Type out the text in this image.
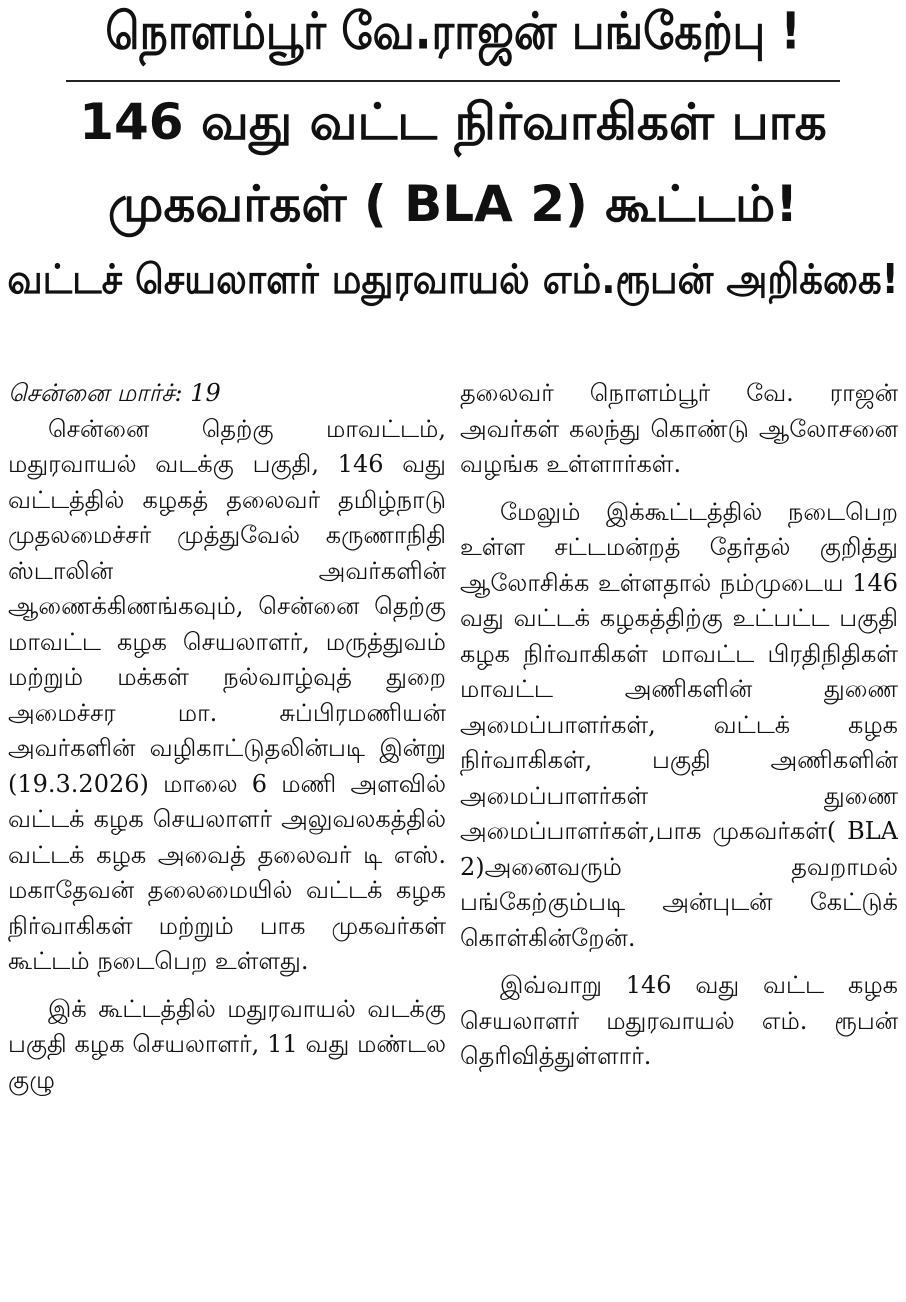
நொளம்பூர் வே.ராஜன் பங்கேற்பு !
146 வது வட்ட நிர்வாகிகள் பாக
முகவர்கள் ( BLA 2) கூட்டம்!
வட்டச் செயலாளர் மதுரவாயல் எம்.ரூபன் அறிக்கை!

சென்னை மார்ச்: 19

சென்னை தெற்கு மாவட்டம், மதுரவாயல் வடக்கு பகுதி, 146 வது வட்டத்தில் கழகத் தலைவர் தமிழ்நாடு முதலமைச்சர் முத்துவேல் கருணாநிதி ஸ்டாலின் அவர்களின் ஆணைக்கிணங்கவும், சென்னை தெற்கு மாவட்ட கழக செயலாளர், மருத்துவம் மற்றும் மக்கள் நல்வாழ்வுத் துறை அமைச்சர மா. சுப்பிரமணியன் அவர்களின் வழிகாட்டுதலின்படி இன்று (19.3.2026) மாலை 6 மணி அளவில் வட்டக் கழக செயலாளர் அலுவலகத்தில் வட்டக் கழக அவைத் தலைவர் டி எஸ். மகாதேவன் தலைமையில் வட்டக் கழக நிர்வாகிகள் மற்றும் பாக முகவர்கள் கூட்டம் நடைபெற உள்ளது.

இக் கூட்டத்தில் மதுரவாயல் வடக்கு பகுதி கழக செயலாளர், 11 வது மண்டல குழு

தலைவர் நொளம்பூர் வே. ராஜன் அவர்கள் கலந்து கொண்டு ஆலோசனை வழங்க உள்ளார்கள்.

மேலும் இக்கூட்டத்தில் நடைபெற உள்ள சட்டமன்றத் தேர்தல் குறித்து ஆலோசிக்க உள்ளதால் நம்முடைய 146 வது வட்டக் கழகத்திற்கு உட்பட்ட பகுதி கழக நிர்வாகிகள் மாவட்ட பிரதிநிதிகள் மாவட்ட அணிகளின் துணை அமைப்பாளர்கள், வட்டக் கழக நிர்வாகிகள், பகுதி அணிகளின் அமைப்பாளர்கள் துணை அமைப்பாளர்கள்,பாக முகவர்கள்( BLA 2)அனைவரும் தவறாமல் பங்கேற்கும்படி அன்புடன் கேட்டுக் கொள்கின்றேன்.

இவ்வாறு 146 வது வட்ட கழக செயலாளர் மதுரவாயல் எம். ரூபன் தெரிவித்துள்ளார்.
